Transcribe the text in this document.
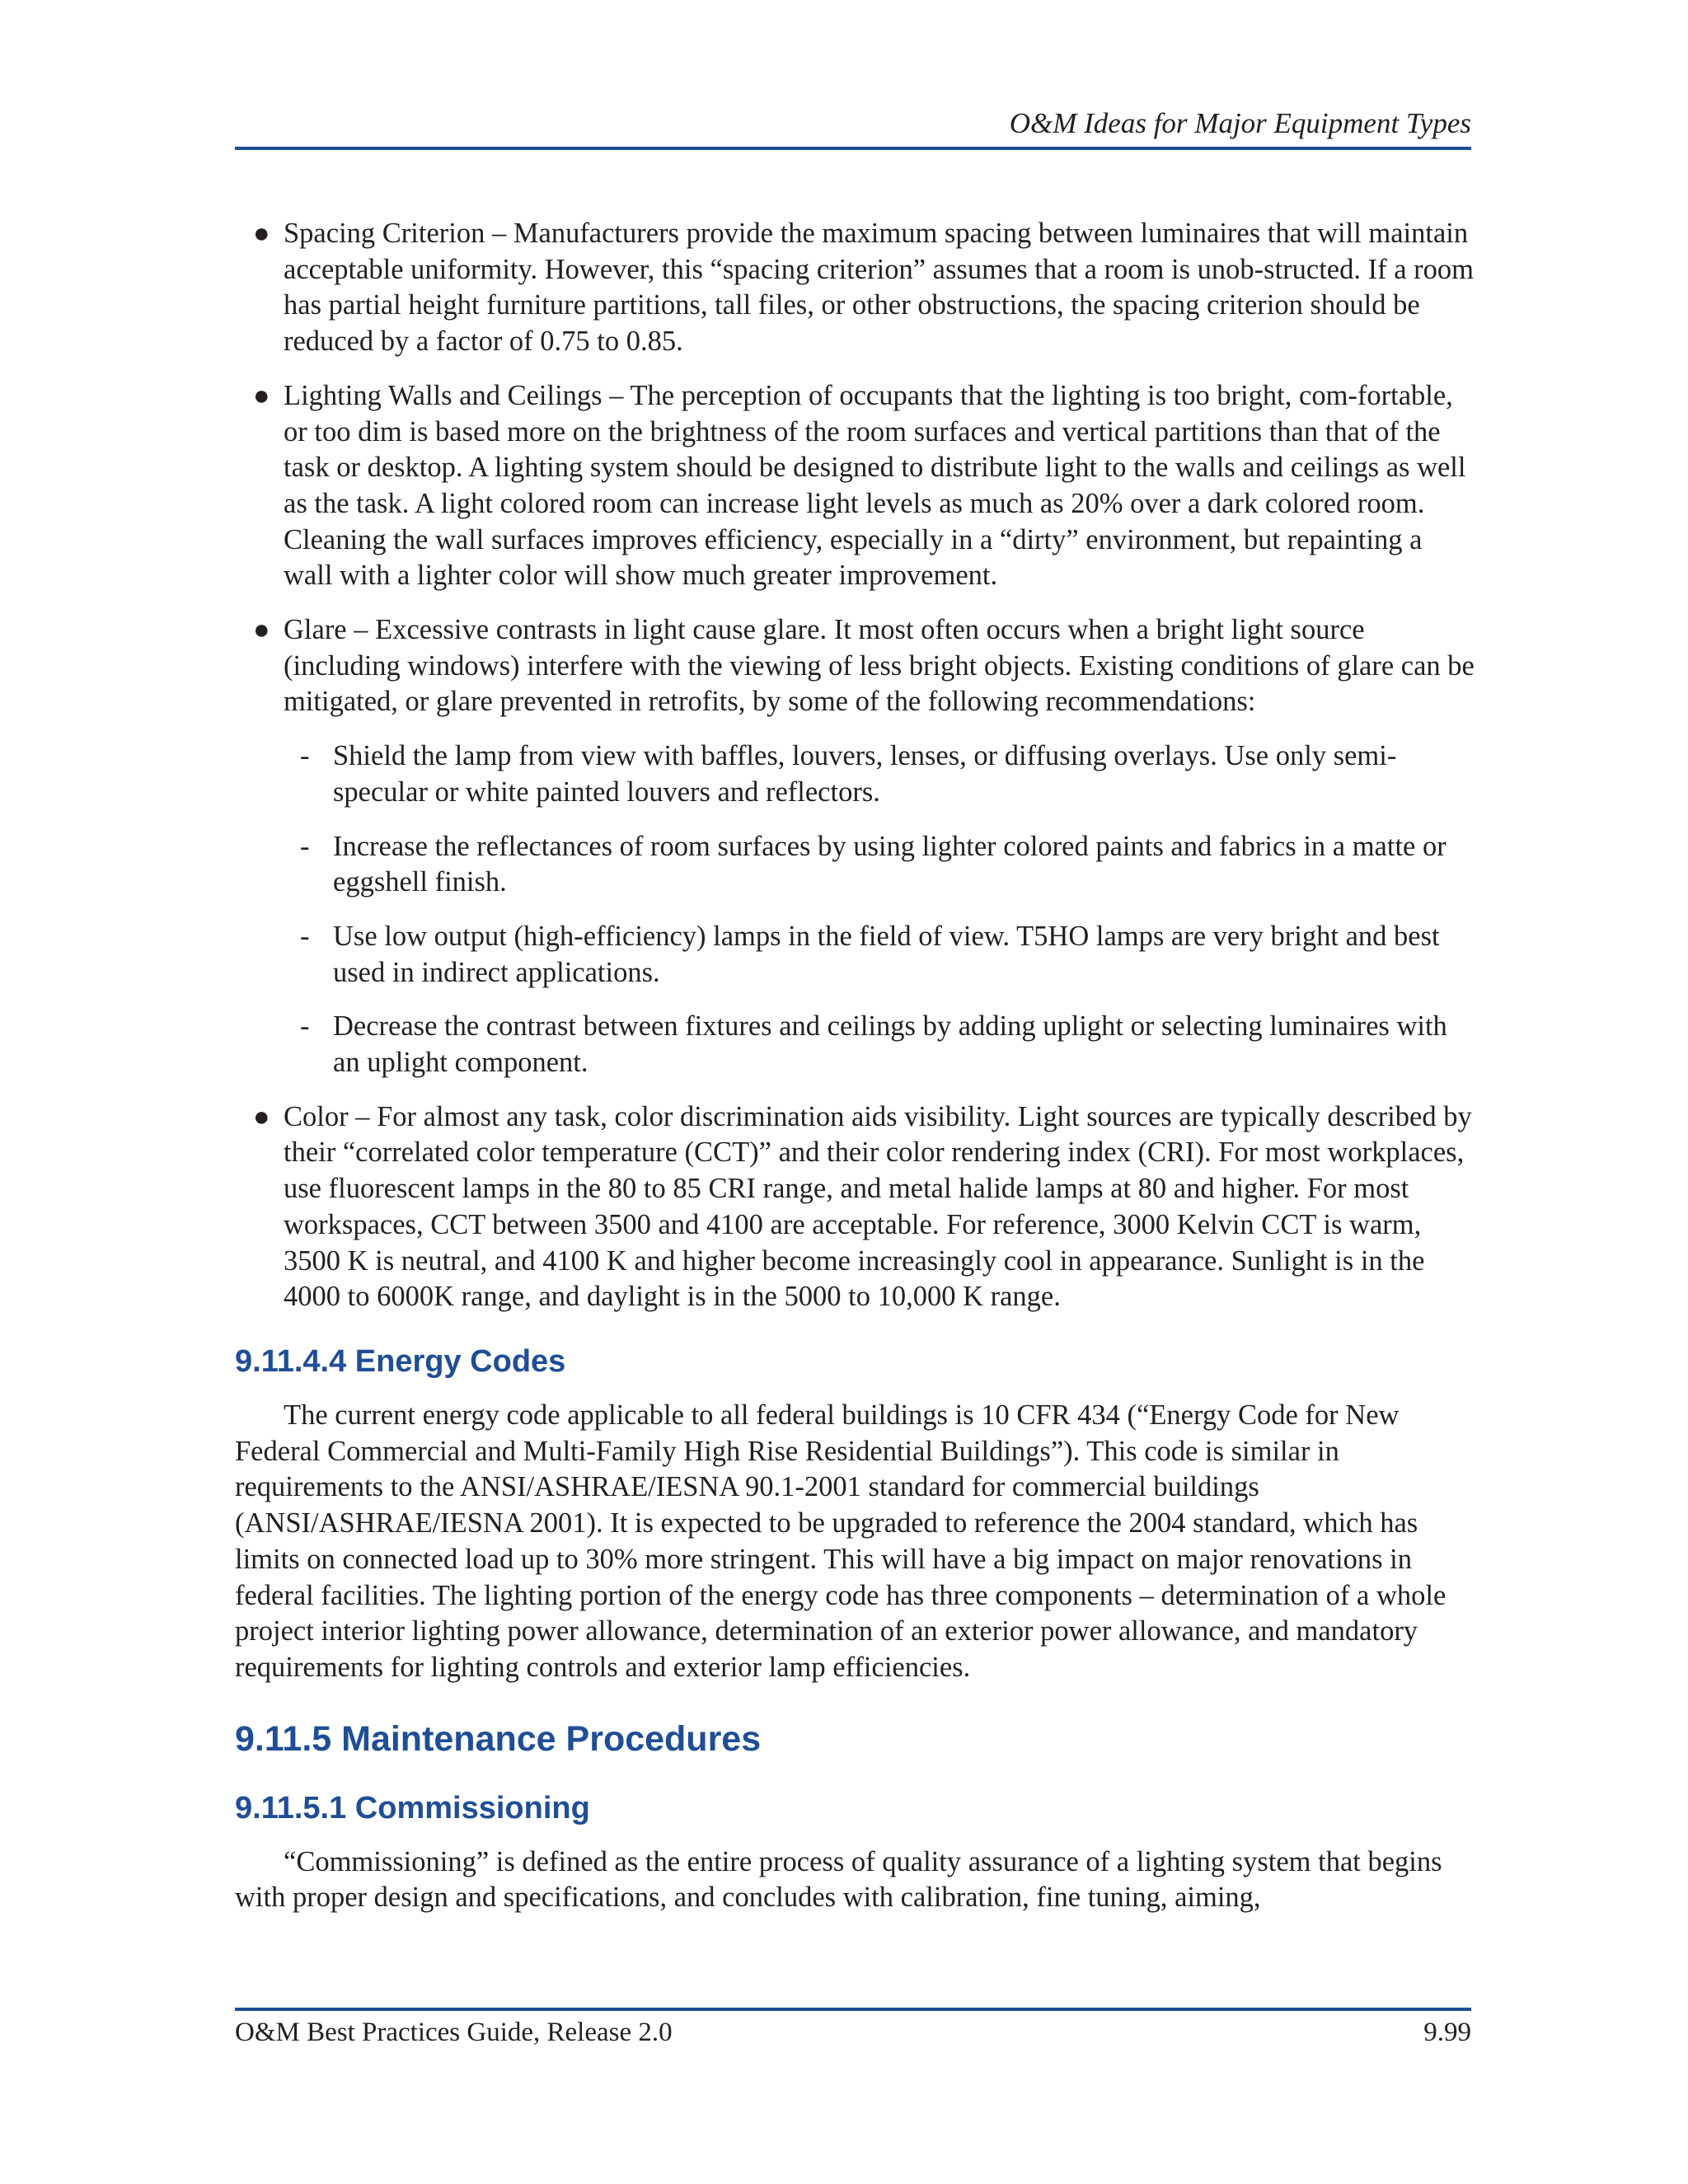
O&M Ideas for Major Equipment Types
● Spacing Criterion – Manufacturers provide the maximum spacing between luminaires that will maintain acceptable uniformity. However, this “spacing criterion” assumes that a room is unob-structed. If a room has partial height furniture partitions, tall files, or other obstructions, the spacing criterion should be reduced by a factor of 0.75 to 0.85.
● Lighting Walls and Ceilings – The perception of occupants that the lighting is too bright, com-fortable, or too dim is based more on the brightness of the room surfaces and vertical partitions than that of the task or desktop. A lighting system should be designed to distribute light to the walls and ceilings as well as the task. A light colored room can increase light levels as much as 20% over a dark colored room. Cleaning the wall surfaces improves efficiency, especially in a “dirty” environment, but repainting a wall with a lighter color will show much greater improvement.
● Glare – Excessive contrasts in light cause glare. It most often occurs when a bright light source (including windows) interfere with the viewing of less bright objects. Existing conditions of glare can be mitigated, or glare prevented in retrofits, by some of the following recommendations:
- Shield the lamp from view with baffles, louvers, lenses, or diffusing overlays. Use only semi-specular or white painted louvers and reflectors.
- Increase the reflectances of room surfaces by using lighter colored paints and fabrics in a matte or eggshell finish.
- Use low output (high-efficiency) lamps in the field of view. T5HO lamps are very bright and best used in indirect applications.
- Decrease the contrast between fixtures and ceilings by adding uplight or selecting luminaires with an uplight component.
● Color – For almost any task, color discrimination aids visibility. Light sources are typically described by their “correlated color temperature (CCT)” and their color rendering index (CRI). For most workplaces, use fluorescent lamps in the 80 to 85 CRI range, and metal halide lamps at 80 and higher. For most workspaces, CCT between 3500 and 4100 are acceptable. For reference, 3000 Kelvin CCT is warm, 3500 K is neutral, and 4100 K and higher become increasingly cool in appearance. Sunlight is in the 4000 to 6000K range, and daylight is in the 5000 to 10,000 K range.
9.11.4.4 Energy Codes

The current energy code applicable to all federal buildings is 10 CFR 434 (“Energy Code for New Federal Commercial and Multi-Family High Rise Residential Buildings”). This code is similar in requirements to the ANSI/ASHRAE/IESNA 90.1-2001 standard for commercial buildings (ANSI/ASHRAE/IESNA 2001). It is expected to be upgraded to reference the 2004 standard, which has limits on connected load up to 30% more stringent. This will have a big impact on major renovations in federal facilities. The lighting portion of the energy code has three components – determination of a whole project interior lighting power allowance, determination of an exterior power allowance, and mandatory requirements for lighting controls and exterior lamp efficiencies.

9.11.5 Maintenance Procedures
9.11.5.1 Commissioning

“Commissioning” is defined as the entire process of quality assurance of a lighting system that begins with proper design and specifications, and concludes with calibration, fine tuning, aiming,

O&M Best Practices Guide, Release 2.0	9.99
